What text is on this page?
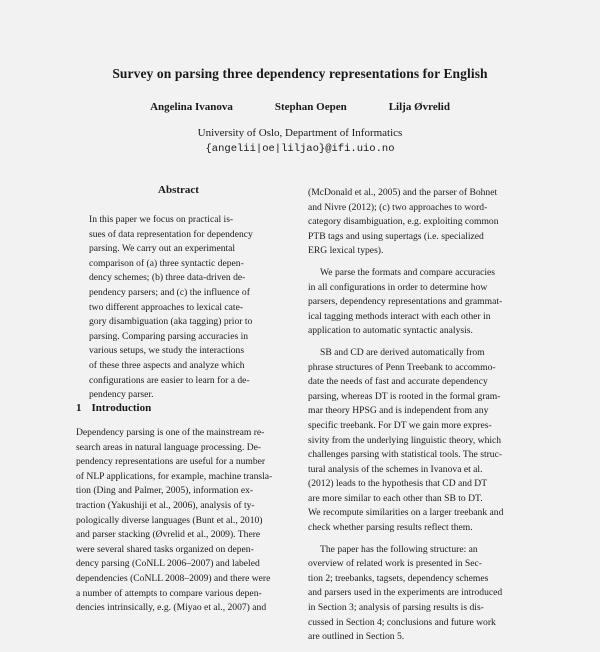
Survey on parsing three dependency representations for English
Angelina Ivanova	Stephan Oepen	Lilja Øvrelid
University of Oslo, Department of Informatics
{angelii|oe|liljao}@ifi.uio.no
Abstract
In this paper we focus on practical is-
sues of data representation for dependency
parsing. We carry out an experimental
comparison of (a) three syntactic depen-
dency schemes; (b) three data-driven de-
pendency parsers; and (c) the influence of
two different approaches to lexical cate-
gory disambiguation (aka tagging) prior to
parsing. Comparing parsing accuracies in
various setups, we study the interactions
of these three aspects and analyze which
configurations are easier to learn for a de-
pendency parser.
1 Introduction
Dependency parsing is one of the mainstream re-
search areas in natural language processing. De-
pendency representations are useful for a number
of NLP applications, for example, machine transla-
tion (Ding and Palmer, 2005), information ex-
traction (Yakushiji et al., 2006), analysis of ty-
pologically diverse languages (Bunt et al., 2010)
and parser stacking (Øvrelid et al., 2009). There
were several shared tasks organized on depen-
dency parsing (CoNLL 2006–2007) and labeled
dependencies (CoNLL 2008–2009) and there were
a number of attempts to compare various depen-
dencies intrinsically, e.g. (Miyao et al., 2007) and

(McDonald et al., 2005) and the parser of Bohnet
and Nivre (2012); (c) two approaches to word-
category disambiguation, e.g. exploiting common
PTB tags and using supertags (i.e. specialized
ERG lexical types).

We parse the formats and compare accuracies
in all configurations in order to determine how
parsers, dependency representations and grammat-
ical tagging methods interact with each other in
application to automatic syntactic analysis.

SB and CD are derived automatically from
phrase structures of Penn Treebank to accommo-
date the needs of fast and accurate dependency
parsing, whereas DT is rooted in the formal gram-
mar theory HPSG and is independent from any
specific treebank. For DT we gain more expres-
sivity from the underlying linguistic theory, which
challenges parsing with statistical tools. The struc-
tural analysis of the schemes in Ivanova et al.
(2012) leads to the hypothesis that CD and DT
are more similar to each other than SB to DT.
We recompute similarities on a larger treebank and
check whether parsing results reflect them.

The paper has the following structure: an
overview of related work is presented in Sec-
tion 2; treebanks, tagsets, dependency schemes
and parsers used in the experiments are introduced
in Section 3; analysis of parsing results is dis-
cussed in Section 4; conclusions and future work
are outlined in Section 5.
